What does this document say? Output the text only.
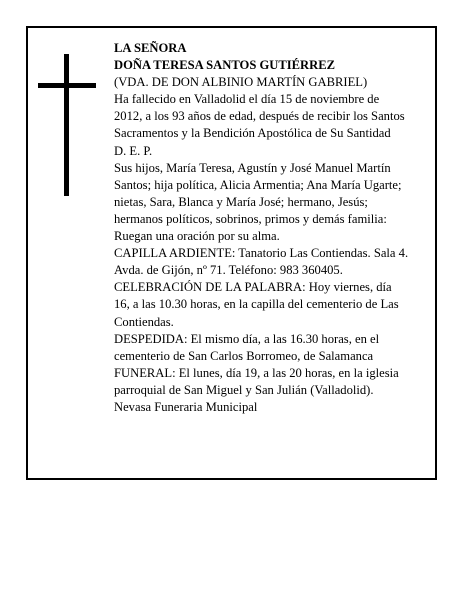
LA SEÑORA

DOÑA TERESA SANTOS GUTIÉRREZ

(VDA. DE DON ALBINIO MARTÍN GABRIEL)

Ha fallecido en Valladolid el día 15 de noviembre de 2012, a los 93 años de edad, después de recibir los Santos Sacramentos y la Bendición Apostólica de Su Santidad

D. E. P.

Sus hijos, María Teresa, Agustín y José Manuel Martín Santos; hija política, Alicia Armentia; Ana María Ugarte; nietas, Sara, Blanca y María José; hermano, Jesús; hermanos políticos, sobrinos, primos y demás familia:

Ruegan una oración por su alma.

CAPILLA ARDIENTE: Tanatorio Las Contiendas. Sala 4. Avda. de Gijón, nº 71. Teléfono: 983 360405.

CELEBRACIÓN DE LA PALABRA: Hoy viernes, día 16, a las 10.30 horas, en la capilla del cementerio de Las Contiendas.

DESPEDIDA: El mismo día, a las 16.30 horas, en el cementerio de San Carlos Borromeo, de Salamanca

FUNERAL: El lunes, día 19, a las 20 horas, en la iglesia parroquial de San Miguel y San Julián (Valladolid).

Nevasa Funeraria Municipal
